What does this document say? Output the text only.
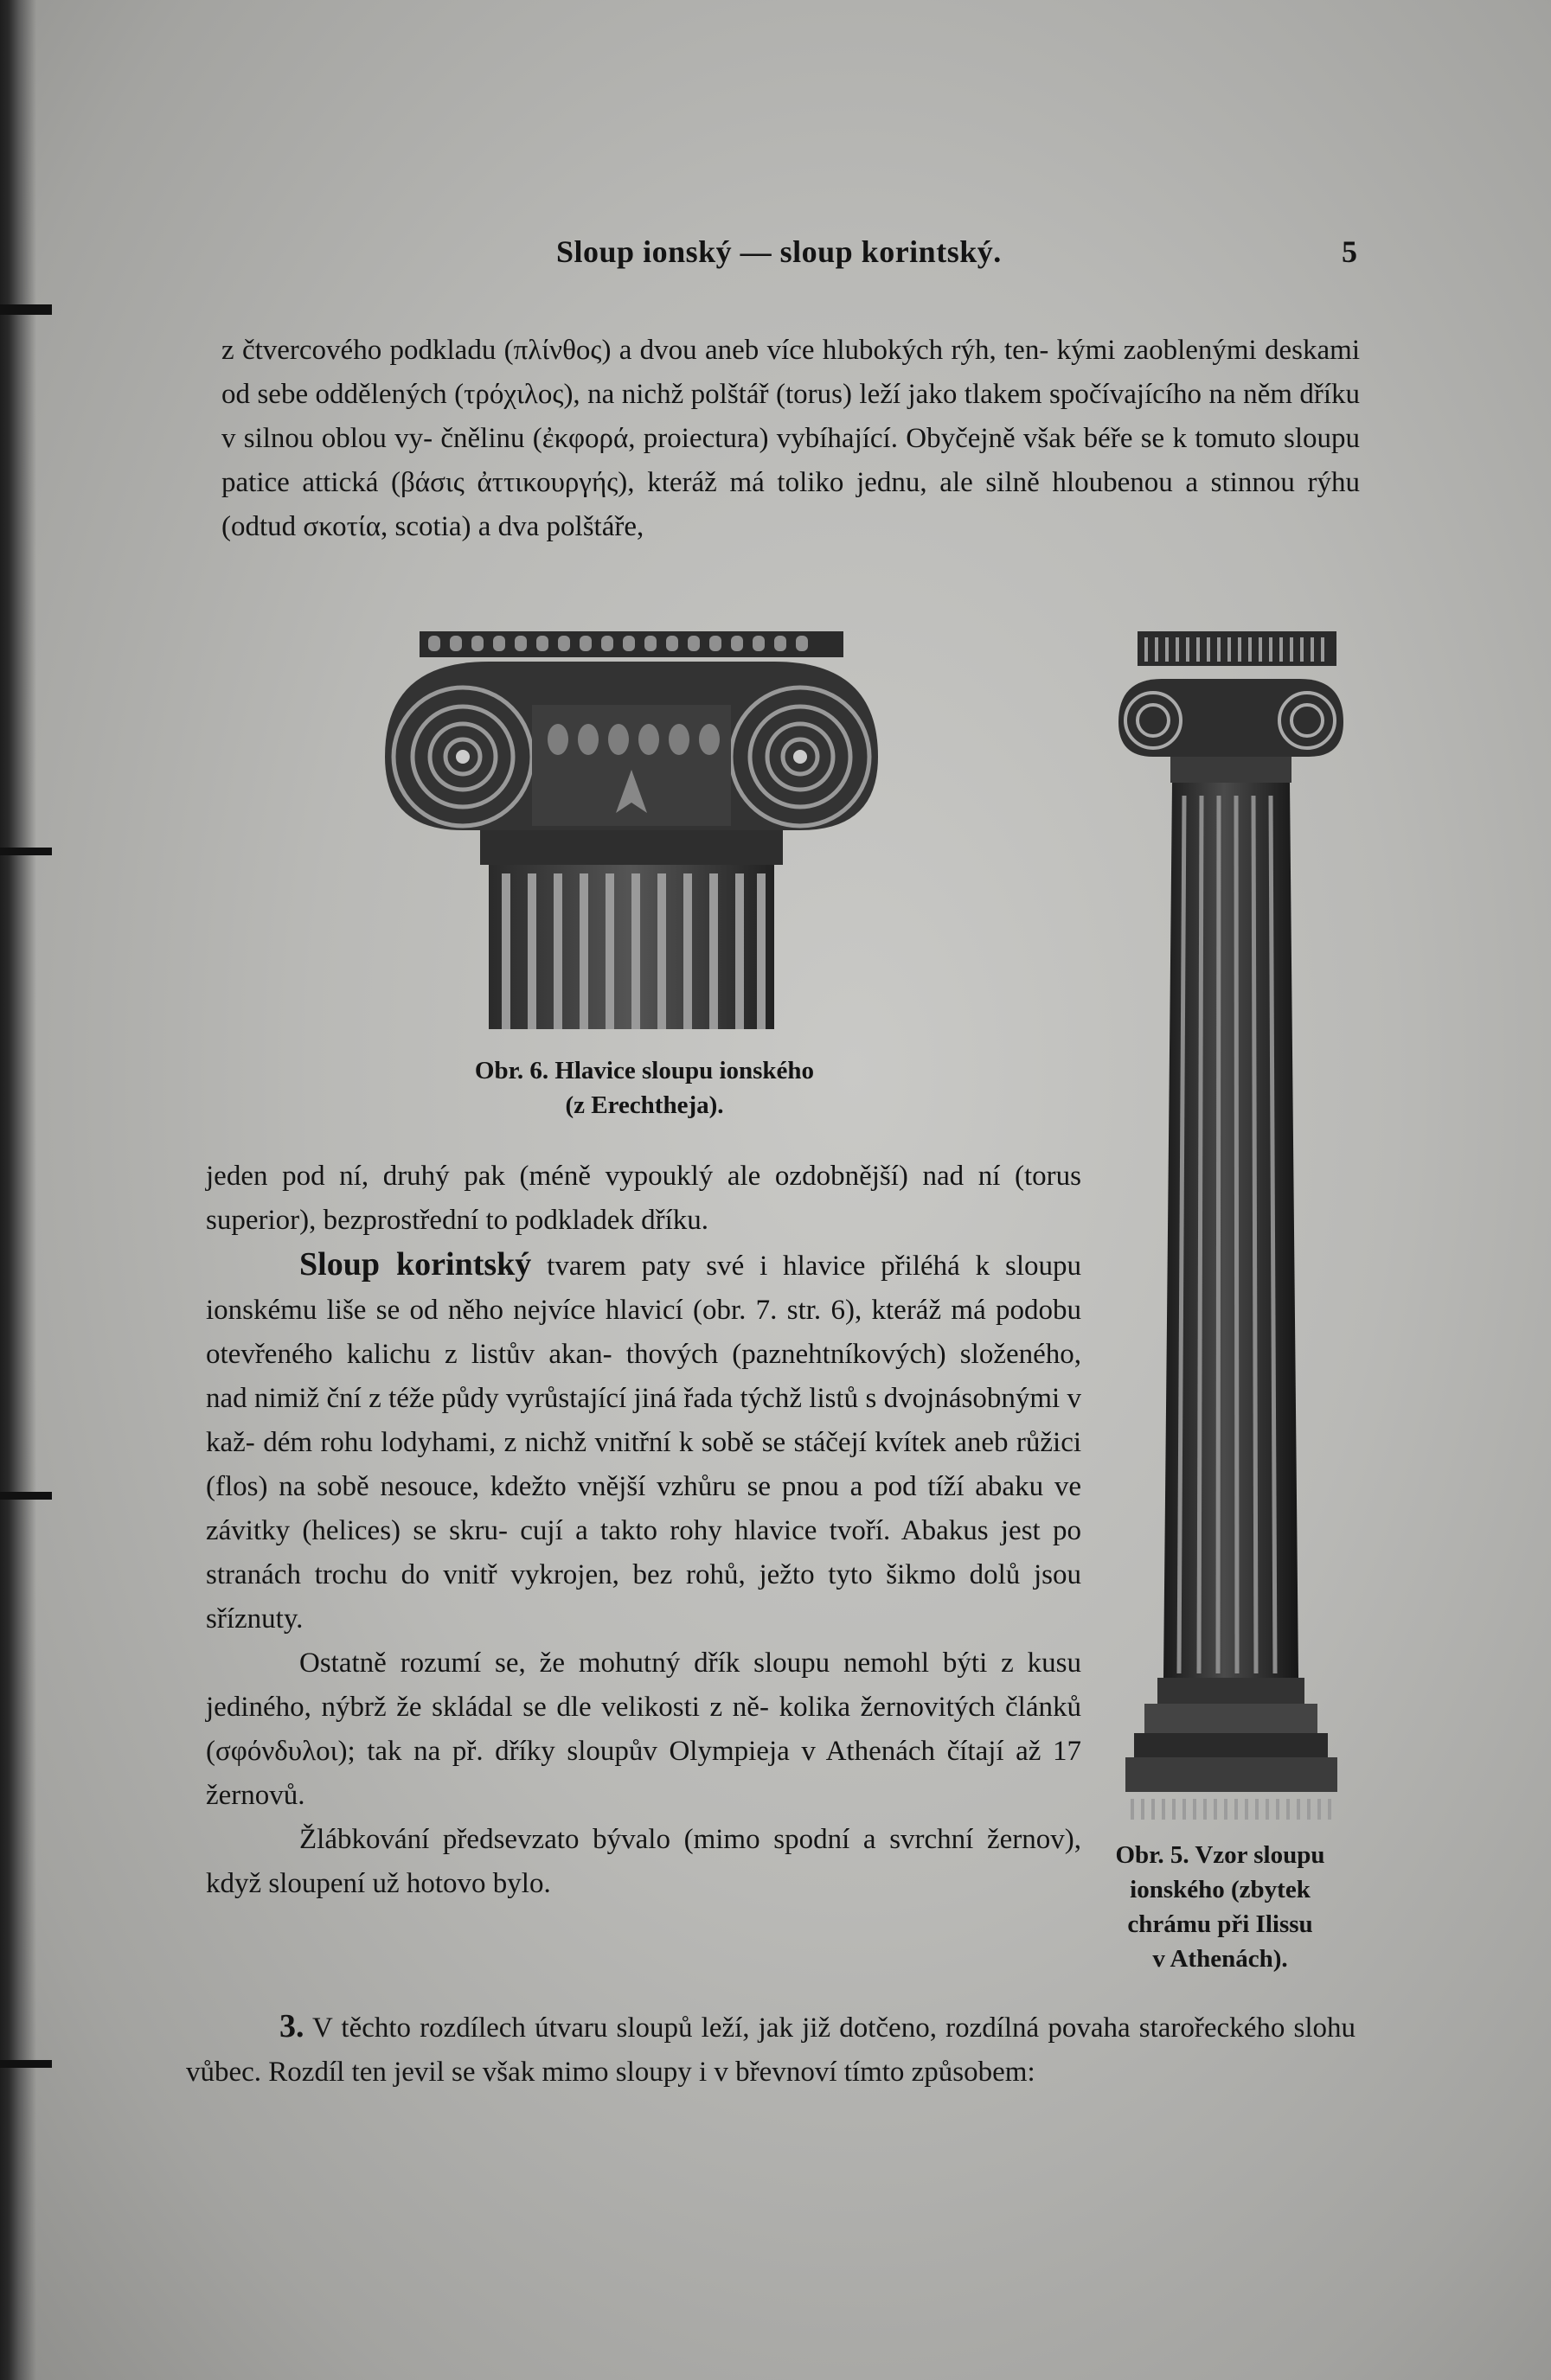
Sloup ionský — sloup korintský.	5
z čtvercového podkladu (πλίνθος) a dvou aneb více hlubokých rýh, ten- kými zaoblenými deskami od sebe oddělených (τρόχιλος), na nichž polštář (torus) leží jako tlakem spočívajícího na něm dříku v silnou oblou vy- čnělinu (ἐκφορά, proiectura) vybíhající. Obyčejně však béře se k tomuto sloupu patice attická (βάσις ἀττικουργής), kteráž má toliko jednu, ale silně hloubenou a stinnou rýhu (odtud σκοτία, scotia) a dva polštáře,
Obr. 6. Hlavice sloupu ionského
(z Erechtheja).
Obr. 5. Vzor sloupu
ionského (zbytek
chrámu při Ilissu
v Athenách).
jeden pod ní, druhý pak (méně vypouklý ale ozdobnější) nad ní (torus superior), bezprostřední to podkladek dříku.
Sloup korintský tvarem paty své i hlavice přiléhá k sloupu ionskému liše se od něho nejvíce hlavicí (obr. 7. str. 6), kteráž má podobu otevřeného kalichu z listův akan- thových (paznehtníkových) složeného, nad nimiž ční z téže půdy vyrůstající jiná řada týchž listů s dvojnásobnými v kaž- dém rohu lodyhami, z nichž vnitřní k sobě se stáčejí kvítek aneb růžici (flos) na sobě nesouce, kdežto vnější vzhůru se pnou a pod tíží abaku ve závitky (helices) se skru- cují a takto rohy hlavice tvoří. Abakus jest po stranách trochu do vnitř vykrojen, bez rohů, ježto tyto šikmo dolů jsou sříznuty.
Ostatně rozumí se, že mohutný dřík sloupu nemohl býti z kusu jediného, nýbrž že skládal se dle velikosti z ně- kolika žernovitých článků (σφόνδυλοι); tak na př. dříky sloupův Olympieja v Athenách čítají až 17 žernovů.
Žlábkování předsevzato bývalo (mimo spodní a svrchní žernov), když sloupení už hotovo bylo.
3. V těchto rozdílech útvaru sloupů leží, jak již dotčeno, rozdílná povaha starořeckého slohu vůbec. Rozdíl ten jevil se však mimo sloupy i v břevnoví tímto způsobem:
